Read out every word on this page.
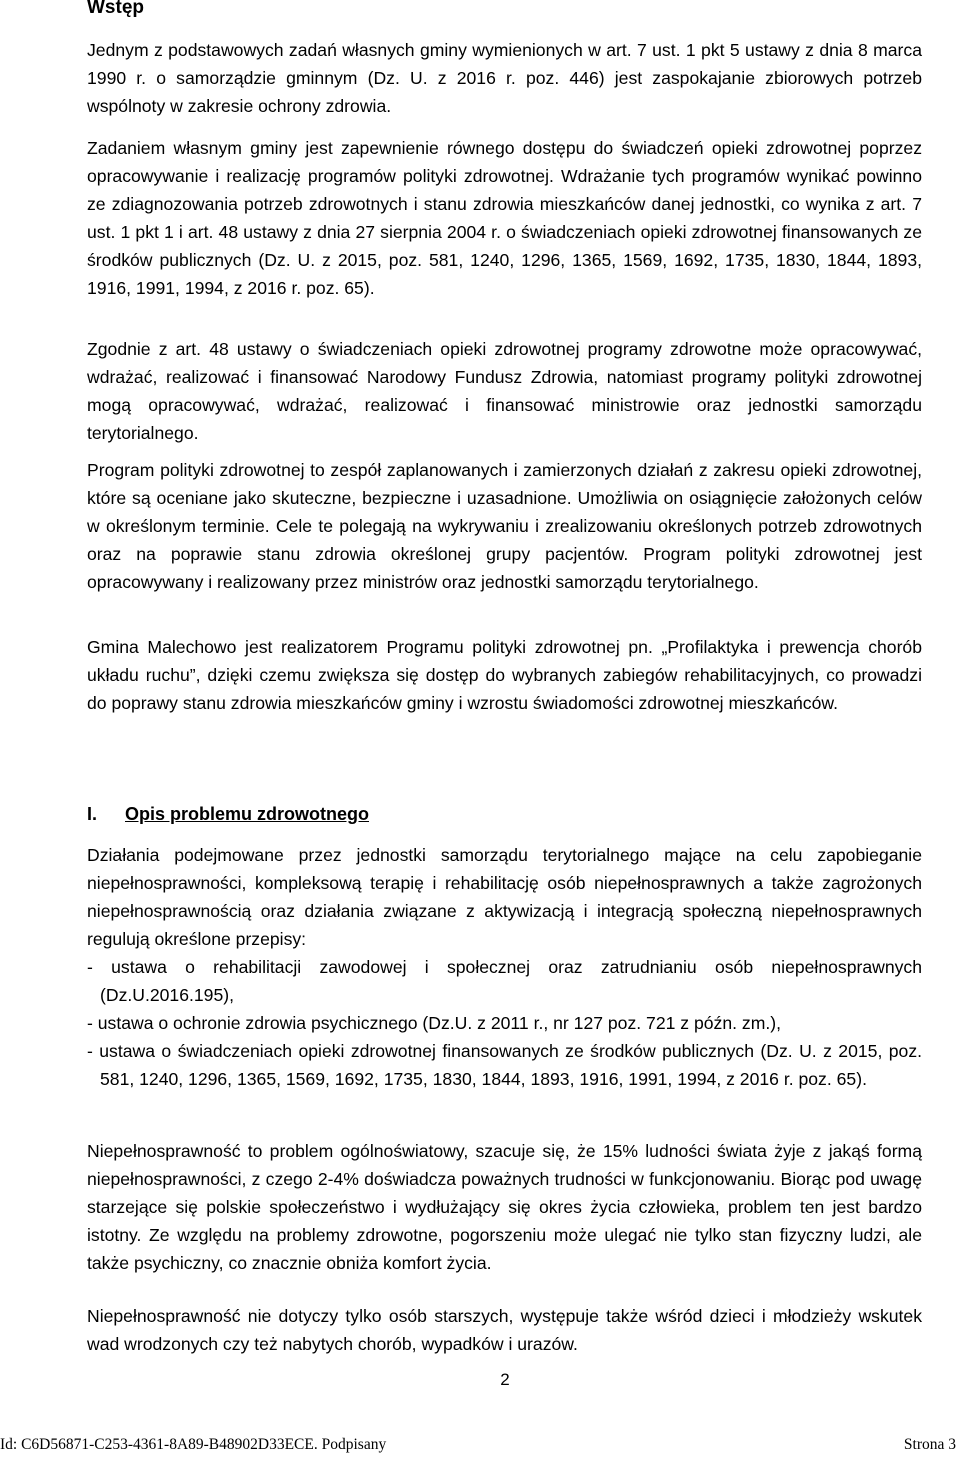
Wstęp

Jednym z podstawowych zadań własnych gminy wymienionych w art. 7 ust. 1 pkt 5 ustawy z dnia 8 marca 1990 r. o samorządzie gminnym (Dz. U. z 2016 r. poz. 446) jest zaspokajanie zbiorowych potrzeb wspólnoty w zakresie ochrony zdrowia.

Zadaniem własnym gminy jest zapewnienie równego dostępu do świadczeń opieki zdrowotnej poprzez opracowywanie i realizację programów polityki zdrowotnej. Wdrażanie tych programów wynikać powinno ze zdiagnozowania potrzeb zdrowotnych i stanu zdrowia mieszkańców danej jednostki, co wynika z art. 7 ust. 1 pkt 1 i art. 48 ustawy z dnia 27 sierpnia 2004 r. o świadczeniach opieki zdrowotnej finansowanych ze środków publicznych (Dz. U. z 2015, poz. 581, 1240, 1296, 1365, 1569, 1692, 1735, 1830, 1844, 1893, 1916, 1991, 1994, z 2016 r. poz. 65).

Zgodnie z art. 48 ustawy o świadczeniach opieki zdrowotnej programy zdrowotne może opracowywać, wdrażać, realizować i finansować Narodowy Fundusz Zdrowia, natomiast programy polityki zdrowotnej mogą opracowywać, wdrażać, realizować i finansować ministrowie oraz jednostki samorządu terytorialnego.

Program polityki zdrowotnej to zespół zaplanowanych i zamierzonych działań z zakresu opieki zdrowotnej, które są oceniane jako skuteczne, bezpieczne i uzasadnione. Umożliwia on osiągnięcie założonych celów w określonym terminie. Cele te polegają na wykrywaniu i zrealizowaniu określonych potrzeb zdrowotnych oraz na poprawie stanu zdrowia określonej grupy pacjentów. Program polityki zdrowotnej jest opracowywany i realizowany przez ministrów oraz jednostki samorządu terytorialnego.

Gmina Malechowo jest realizatorem Programu polityki zdrowotnej pn. „Profilaktyka i prewencja chorób układu ruchu”, dzięki czemu zwiększa się dostęp do wybranych zabiegów rehabilitacyjnych, co prowadzi do poprawy stanu zdrowia mieszkańców gminy i wzrostu świadomości zdrowotnej mieszkańców.

I. Opis problemu zdrowotnego

Działania podejmowane przez jednostki samorządu terytorialnego mające na celu zapobieganie niepełnosprawności, kompleksową terapię i rehabilitację osób niepełnosprawnych a także zagrożonych niepełnosprawnością oraz działania związane z aktywizacją i integracją społeczną niepełnosprawnych regulują określone przepisy:

- ustawa o rehabilitacji zawodowej i społecznej oraz zatrudnianiu osób niepełnosprawnych (Dz.U.2016.195),
- ustawa o ochronie zdrowia psychicznego (Dz.U. z 2011 r., nr 127 poz. 721 z późn. zm.),
- ustawa o świadczeniach opieki zdrowotnej finansowanych ze środków publicznych (Dz. U. z 2015, poz. 581, 1240, 1296, 1365, 1569, 1692, 1735, 1830, 1844, 1893, 1916, 1991, 1994, z 2016 r. poz. 65).

Niepełnosprawność to problem ogólnoświatowy, szacuje się, że 15% ludności świata żyje z jakąś formą niepełnosprawności, z czego 2-4% doświadcza poważnych trudności w funkcjonowaniu. Biorąc pod uwagę starzejące się polskie społeczeństwo i wydłużający się okres życia człowieka, problem ten jest bardzo istotny. Ze względu na problemy zdrowotne, pogorszeniu może ulegać nie tylko stan fizyczny ludzi, ale także psychiczny, co znacznie obniża komfort życia.

Niepełnosprawność nie dotyczy tylko osób starszych, występuje także wśród dzieci i młodzieży wskutek wad wrodzonych czy też nabytych chorób, wypadków i urazów.

2
Id: C6D56871-C253-4361-8A89-B48902D33ECE. Podpisany	Strona 3
